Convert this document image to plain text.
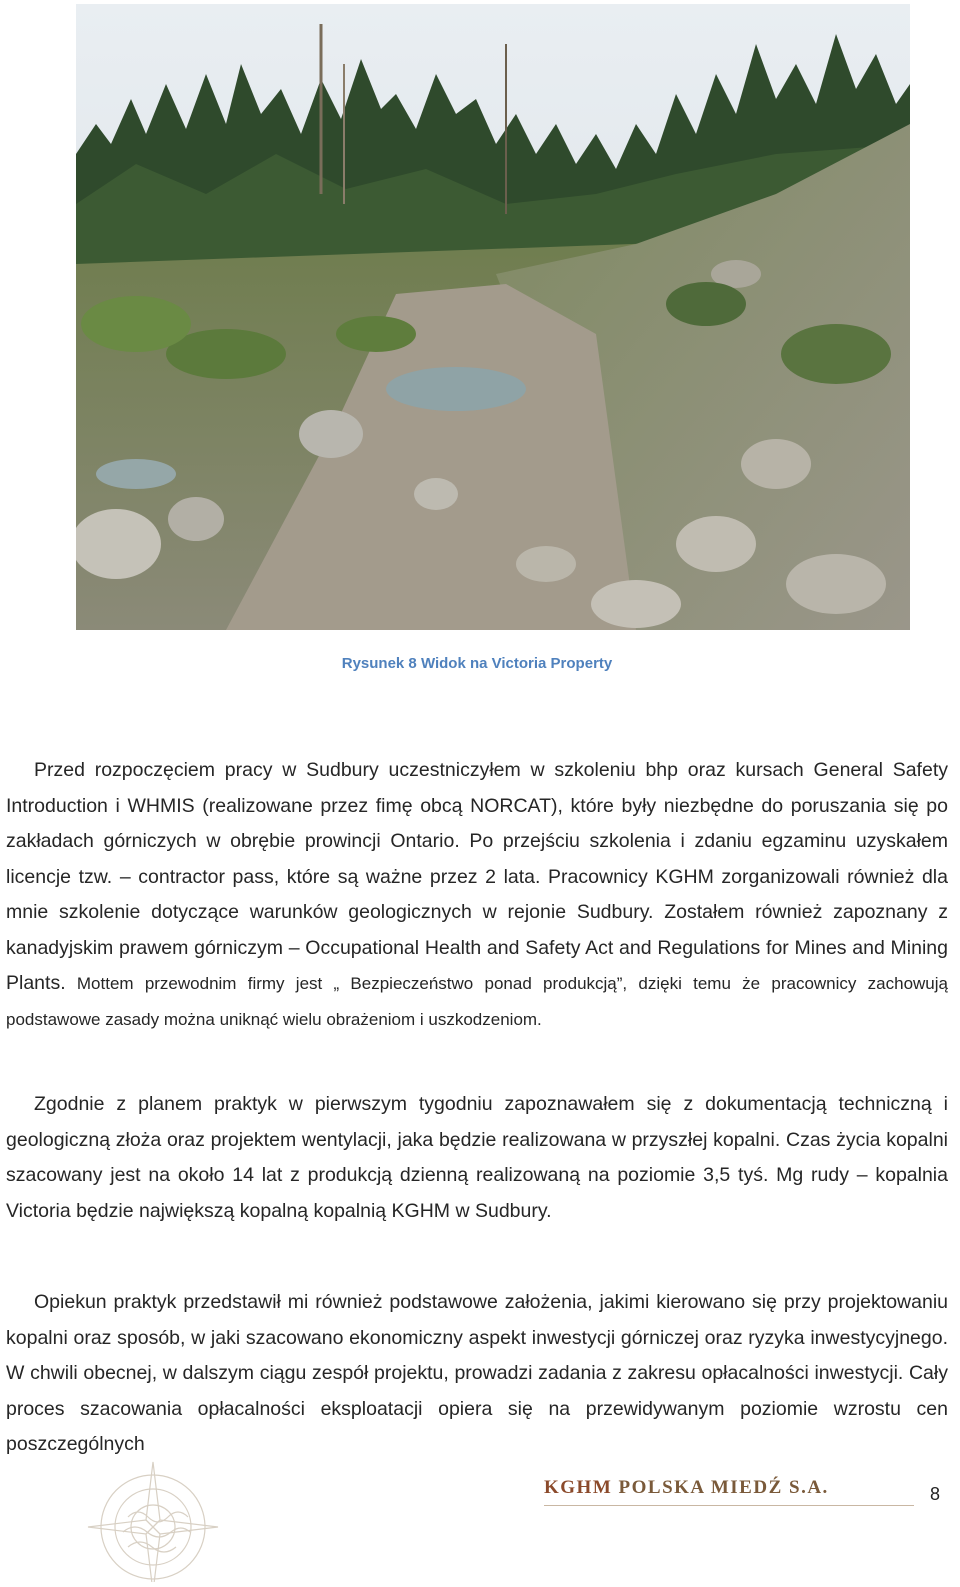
Rysunek 8 Widok na Victoria Property

Przed rozpoczęciem pracy w Sudbury uczestniczyłem w szkoleniu bhp oraz kursach General Safety Introduction i WHMIS (realizowane przez fimę obcą NORCAT), które były niezbędne do poruszania się po zakładach górniczych w obrębie prowincji Ontario. Po przejściu szkolenia i zdaniu egzaminu uzyskałem licencje tzw. – contractor pass, które są ważne przez 2 lata. Pracownicy KGHM zorganizowali również dla mnie szkolenie dotyczące warunków geologicznych w rejonie Sudbury. Zostałem również zapoznany z kanadyjskim prawem górniczym – Occupational Health and Safety Act and Regulations for Mines and Mining Plants. Mottem przewodnim firmy jest „ Bezpieczeństwo ponad produkcją”, dzięki temu że pracownicy zachowują podstawowe zasady można uniknąć wielu obrażeniom i uszkodzeniom.

Zgodnie z planem praktyk w pierwszym tygodniu zapoznawałem się z dokumentacją techniczną i geologiczną złoża oraz projektem wentylacji, jaka będzie realizowana w przyszłej kopalni. Czas życia kopalni szacowany jest na około 14 lat z produkcją dzienną realizowaną na poziomie 3,5 tyś. Mg rudy – kopalnia Victoria będzie największą kopalną kopalnią KGHM w Sudbury.

Opiekun praktyk przedstawił mi również podstawowe założenia, jakimi kierowano się przy projektowaniu kopalni oraz sposób, w jaki szacowano ekonomiczny aspekt inwestycji górniczej oraz ryzyka inwestycyjnego. W chwili obecnej, w dalszym ciągu zespół projektu, prowadzi zadania z zakresu opłacalności inwestycji. Cały proces szacowania opłacalności eksploatacji opiera się na przewidywanym poziomie wzrostu cen poszczególnych

KGHM POLSKA MIEDŹ S.A.	8
